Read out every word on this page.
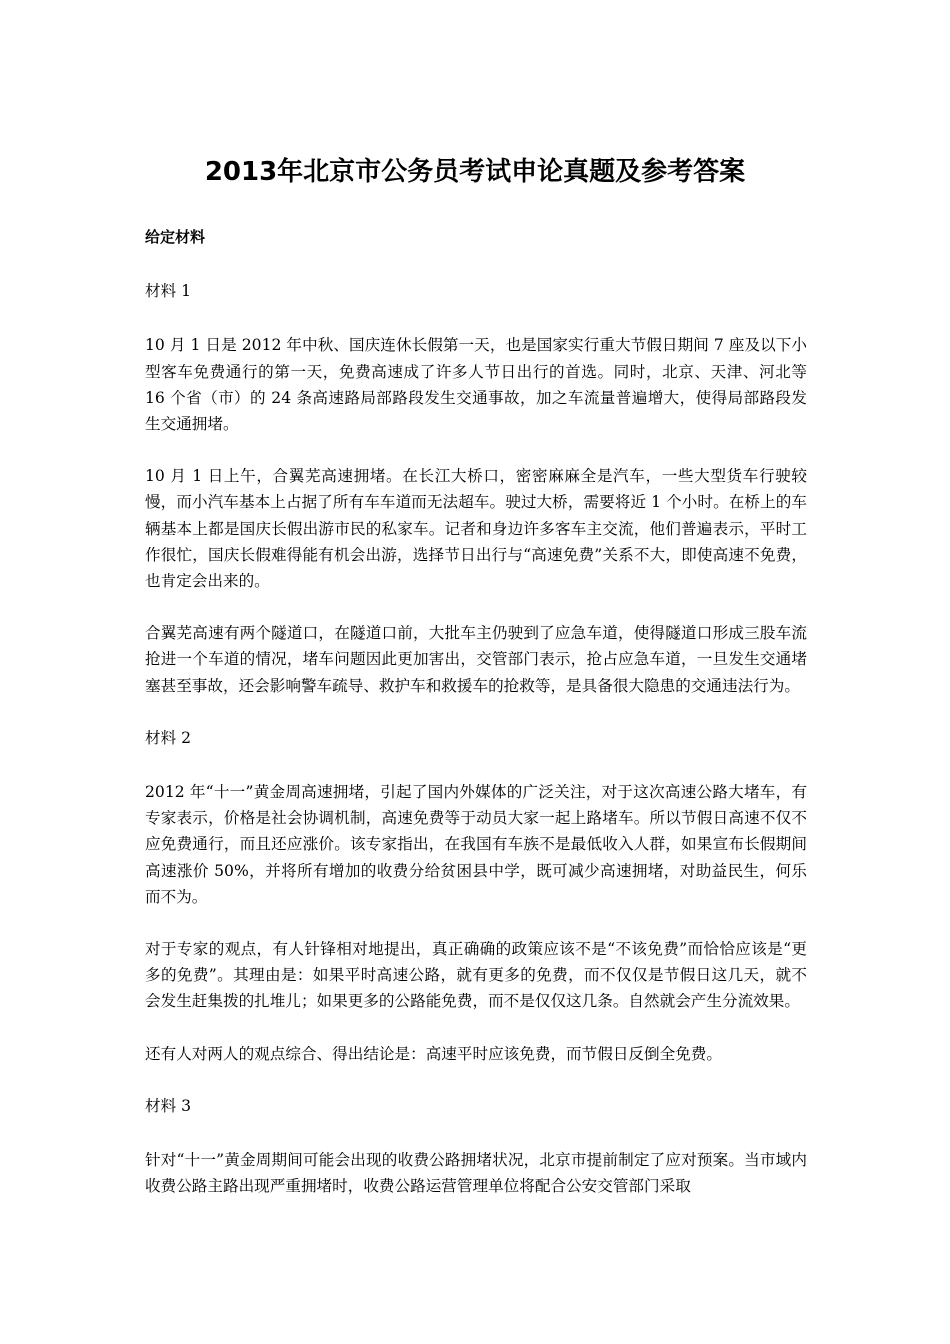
2013年北京市公务员考试申论真题及参考答案
给定材料
材料 1

10 月 1 日是 2012 年中秋、国庆连休长假第一天，也是国家实行重大节假日期间 7 座及以下小型客车免费通行的第一天，免费高速成了许多人节日出行的首选。同时，北京、天津、河北等 16 个省（市）的 24 条高速路局部路段发生交通事故，加之车流量普遍增大，使得局部路段发生交通拥堵。

10 月 1 日上午，合翼芜高速拥堵。在长江大桥口，密密麻麻全是汽车，一些大型货车行驶较慢，而小汽车基本上占据了所有车车道而无法超车。驶过大桥，需要将近 1 个小时。在桥上的车辆基本上都是国庆长假出游市民的私家车。记者和身边许多客车主交流，他们普遍表示，平时工作很忙，国庆长假难得能有机会出游，选择节日出行与“高速免费”关系不大，即使高速不免费，也肯定会出来的。

合翼芜高速有两个隧道口，在隧道口前，大批车主仍驶到了应急车道，使得隧道口形成三股车流抢进一个车道的情况，堵车问题因此更加害出，交管部门表示，抢占应急车道，一旦发生交通堵塞甚至事故，还会影响警车疏导、救护车和救援车的抢救等，是具备很大隐患的交通违法行为。

材料 2

2012 年“十一”黄金周高速拥堵，引起了国内外媒体的广泛关注，对于这次高速公路大堵车，有专家表示，价格是社会协调机制，高速免费等于动员大家一起上路堵车。所以节假日高速不仅不应免费通行，而且还应涨价。该专家指出，在我国有车族不是最低收入人群，如果宣布长假期间高速涨价 50%，并将所有增加的收费分给贫困县中学，既可减少高速拥堵，对助益民生，何乐而不为。

对于专家的观点，有人针锋相对地提出，真正确确的政策应该不是“不该免费”而恰恰应该是“更多的免费”。其理由是：如果平时高速公路，就有更多的免费，而不仅仅是节假日这几天，就不会发生赶集拨的扎堆儿；如果更多的公路能免费，而不是仅仅这几条。自然就会产生分流效果。

还有人对两人的观点综合、得出结论是：高速平时应该免费，而节假日反倒全免费。

材料 3

针对“十一”黄金周期间可能会出现的收费公路拥堵状况，北京市提前制定了应对预案。当市域内收费公路主路出现严重拥堵时，收费公路运营管理单位将配合公安交管部门采取
